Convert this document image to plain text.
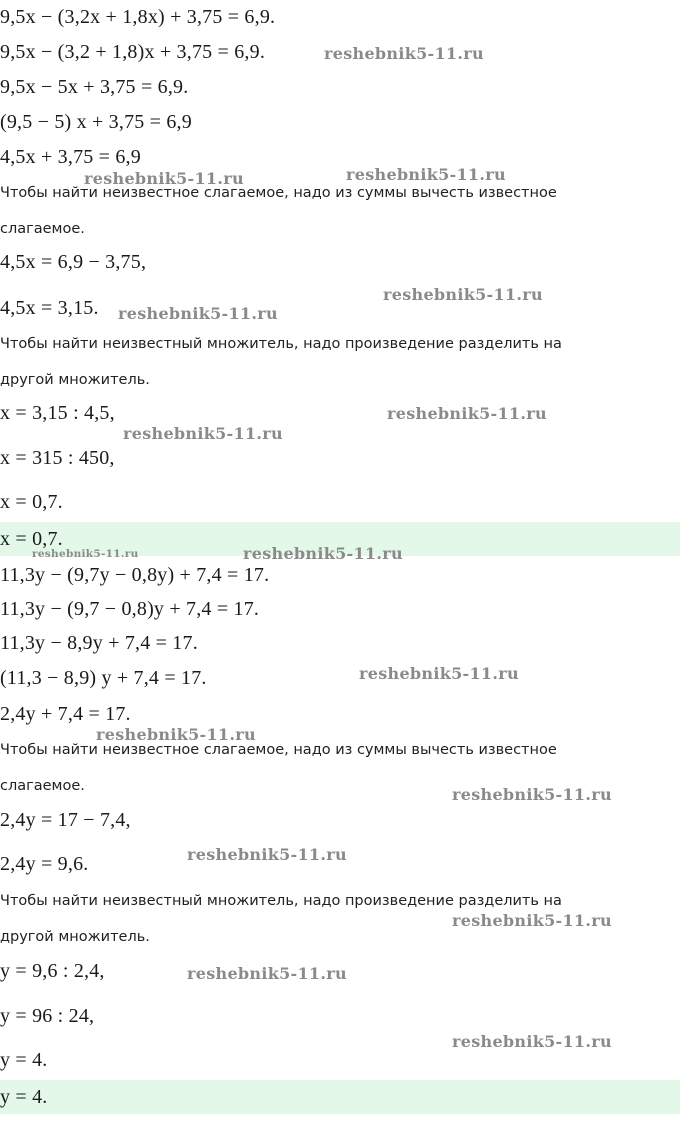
9,5x − (3,2x + 1,8x) + 3,75 = 6,9.
9,5x − (3,2 + 1,8)x + 3,75 = 6,9.
9,5x − 5x + 3,75 = 6,9.
(9,5 − 5) x + 3,75 = 6,9
4,5x + 3,75 = 6,9
Чтобы найти неизвестное слагаемое, надо из суммы вычесть известное
слагаемое.
4,5x = 6,9 − 3,75,
4,5x = 3,15.
Чтобы найти неизвестный множитель, надо произведение разделить на
другой множитель.
x = 3,15 : 4,5,
x = 315 : 450,
x = 0,7.
x = 0,7.
11,3y − (9,7y − 0,8y) + 7,4 = 17.
11,3y − (9,7 − 0,8)y + 7,4 = 17.
11,3y − 8,9y + 7,4 = 17.
(11,3 − 8,9) y + 7,4 = 17.
2,4y + 7,4 = 17.
Чтобы найти неизвестное слагаемое, надо из суммы вычесть известное
слагаемое.
2,4y = 17 − 7,4,
2,4y = 9,6.
Чтобы найти неизвестный множитель, надо произведение разделить на
другой множитель.
y = 9,6 : 2,4,
y = 96 : 24,
y = 4.
y = 4.
reshebnik5-11.ru
reshebnik5-11.ru	reshebnik5-11.ru
reshebnik5-11.ru
reshebnik5-11.ru
reshebnik5-11.ru
reshebnik5-11.ru
reshebnik5-11.ru	reshebnik5-11.ru
reshebnik5-11.ru
reshebnik5-11.ru
reshebnik5-11.ru
reshebnik5-11.ru
reshebnik5-11.ru
reshebnik5-11.ru
reshebnik5-11.ru
